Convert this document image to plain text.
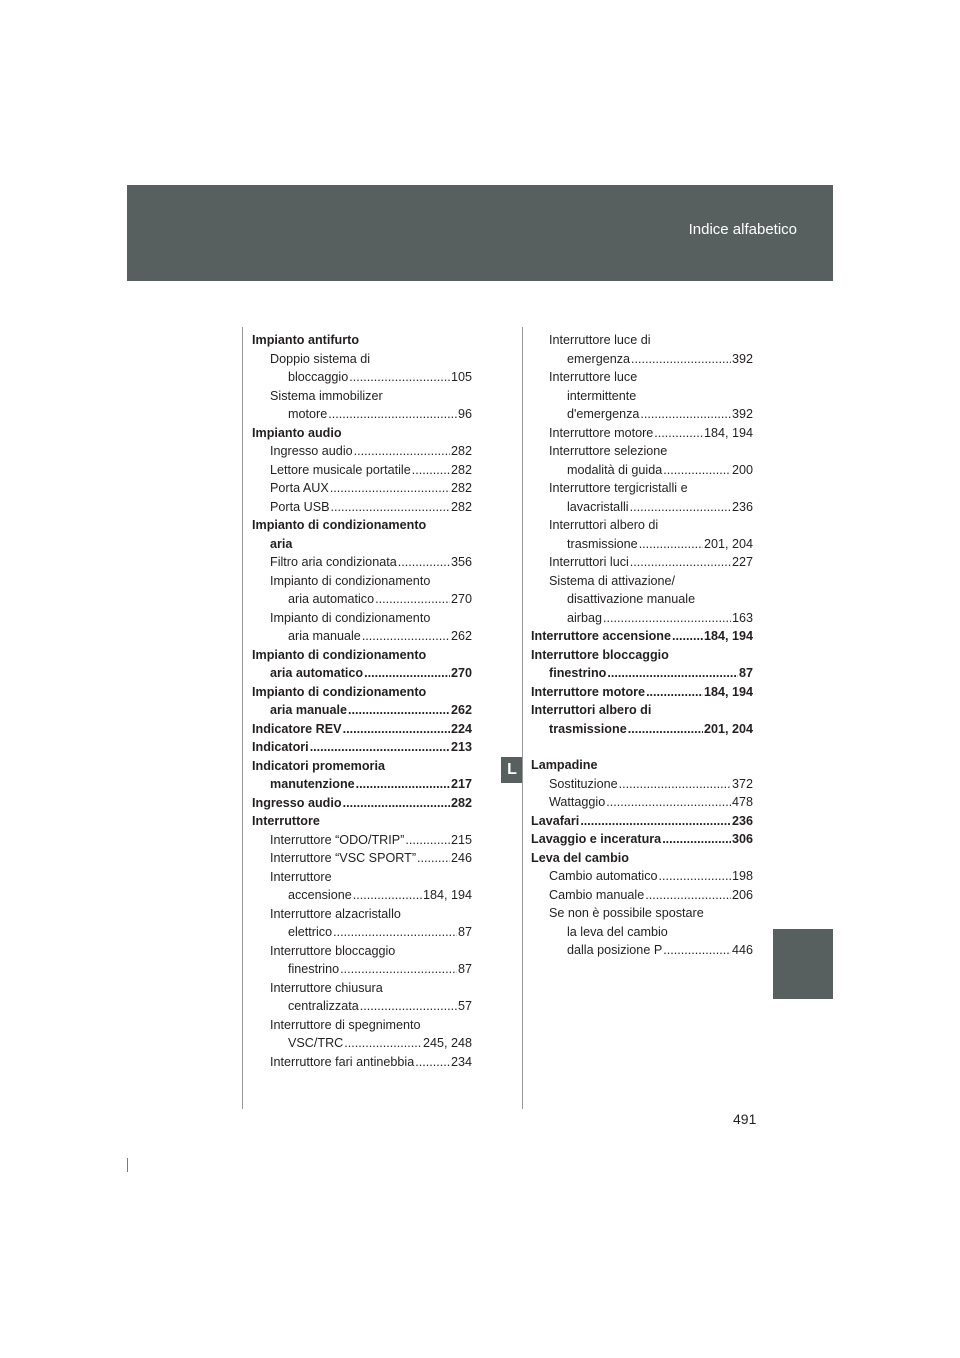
Indice alfabetico
L
Impianto antifurto
Doppio sistema di
bloccaggio .....	105
Sistema immobilizer
motore .....	96
Impianto audio
Ingresso audio .....	282
Lettore musicale portatile .....	282
Porta AUX .....	282
Porta USB .....	282
Impianto di condizionamento
aria
Filtro aria condizionata .....	356
Impianto di condizionamento
aria automatico .....	270
Impianto di condizionamento
aria manuale .....	262
Impianto di condizionamento
aria automatico .....	270
Impianto di condizionamento
aria manuale .....	262
Indicatore REV .....	224
Indicatori .....	213
Indicatori promemoria
manutenzione .....	217
Ingresso audio .....	282
Interruttore
Interruttore “ODO/TRIP” .....	215
Interruttore “VSC SPORT” .....	246
Interruttore
accensione .....	184, 194
Interruttore alzacristallo
elettrico .....	87
Interruttore bloccaggio
finestrino .....	87
Interruttore chiusura
centralizzata .....	57
Interruttore di spegnimento
VSC/TRC .....	245, 248
Interruttore fari antinebbia .....	234
Interruttore luce di
emergenza .....	392
Interruttore luce
intermittente
d'emergenza .....	392
Interruttore motore .....	184, 194
Interruttore selezione
modalità di guida .....	200
Interruttore tergicristalli e
lavacristalli .....	236
Interruttori albero di
trasmissione .....	201, 204
Interruttori luci .....	227
Sistema di attivazione/
disattivazione manuale
airbag .....	163
Interruttore accensione .....	184, 194
Interruttore bloccaggio
finestrino .....	87
Interruttore motore .....	184, 194
Interruttori albero di
trasmissione .....	201, 204
Lampadine
Sostituzione .....	372
Wattaggio .....	478
Lavafari .....	236
Lavaggio e inceratura .....	306
Leva del cambio
Cambio automatico .....	198
Cambio manuale .....	206
Se non è possibile spostare
la leva del cambio
dalla posizione P .....	446
491
